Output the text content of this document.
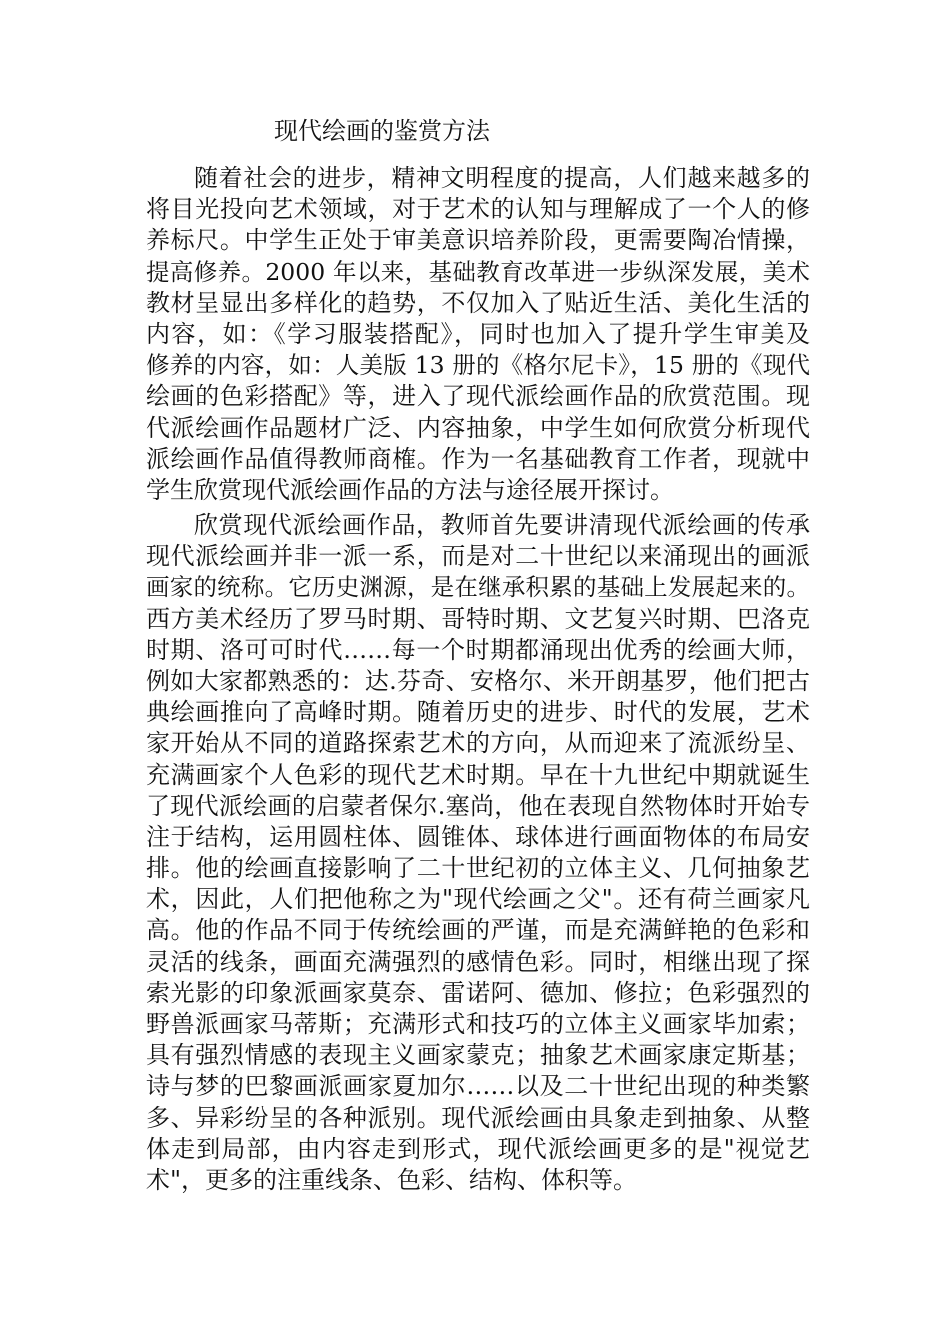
现代绘画的鉴赏方法
随着社会的进步，精神文明程度的提高，人们越来越多的
将目光投向艺术领域，对于艺术的认知与理解成了一个人的修
养标尺。中学生正处于审美意识培养阶段，更需要陶冶情操，
提高修养。2000 年以来，基础教育改革进一步纵深发展，美术
教材呈显出多样化的趋势，不仅加入了贴近生活、美化生活的
内容，如：《学习服装搭配》，同时也加入了提升学生审美及
修养的内容，如：人美版 13 册的《格尔尼卡》，15 册的《现代
绘画的色彩搭配》等，进入了现代派绘画作品的欣赏范围。现
代派绘画作品题材广泛、内容抽象，中学生如何欣赏分析现代
派绘画作品值得教师商榷。作为一名基础教育工作者，现就中
学生欣赏现代派绘画作品的方法与途径展开探讨。
欣赏现代派绘画作品，教师首先要讲清现代派绘画的传承
现代派绘画并非一派一系，而是对二十世纪以来涌现出的画派
画家的统称。它历史渊源，是在继承积累的基础上发展起来的。
西方美术经历了罗马时期、哥特时期、文艺复兴时期、巴洛克
时期、洛可可时代……每一个时期都涌现出优秀的绘画大师，
例如大家都熟悉的：达.芬奇、安格尔、米开朗基罗，他们把古
典绘画推向了高峰时期。随着历史的进步、时代的发展，艺术
家开始从不同的道路探索艺术的方向，从而迎来了流派纷呈、
充满画家个人色彩的现代艺术时期。早在十九世纪中期就诞生
了现代派绘画的启蒙者保尔.塞尚，他在表现自然物体时开始专
注于结构，运用圆柱体、圆锥体、球体进行画面物体的布局安
排。他的绘画直接影响了二十世纪初的立体主义、几何抽象艺
术，因此，人们把他称之为"现代绘画之父"。还有荷兰画家凡
高。他的作品不同于传统绘画的严谨，而是充满鲜艳的色彩和
灵活的线条，画面充满强烈的感情色彩。同时，相继出现了探
索光影的印象派画家莫奈、雷诺阿、德加、修拉；色彩强烈的
野兽派画家马蒂斯；充满形式和技巧的立体主义画家毕加索；
具有强烈情感的表现主义画家蒙克；抽象艺术画家康定斯基；
诗与梦的巴黎画派画家夏加尔……以及二十世纪出现的种类繁
多、异彩纷呈的各种派别。现代派绘画由具象走到抽象、从整
体走到局部，由内容走到形式，现代派绘画更多的是"视觉艺
术"，更多的注重线条、色彩、结构、体积等。
